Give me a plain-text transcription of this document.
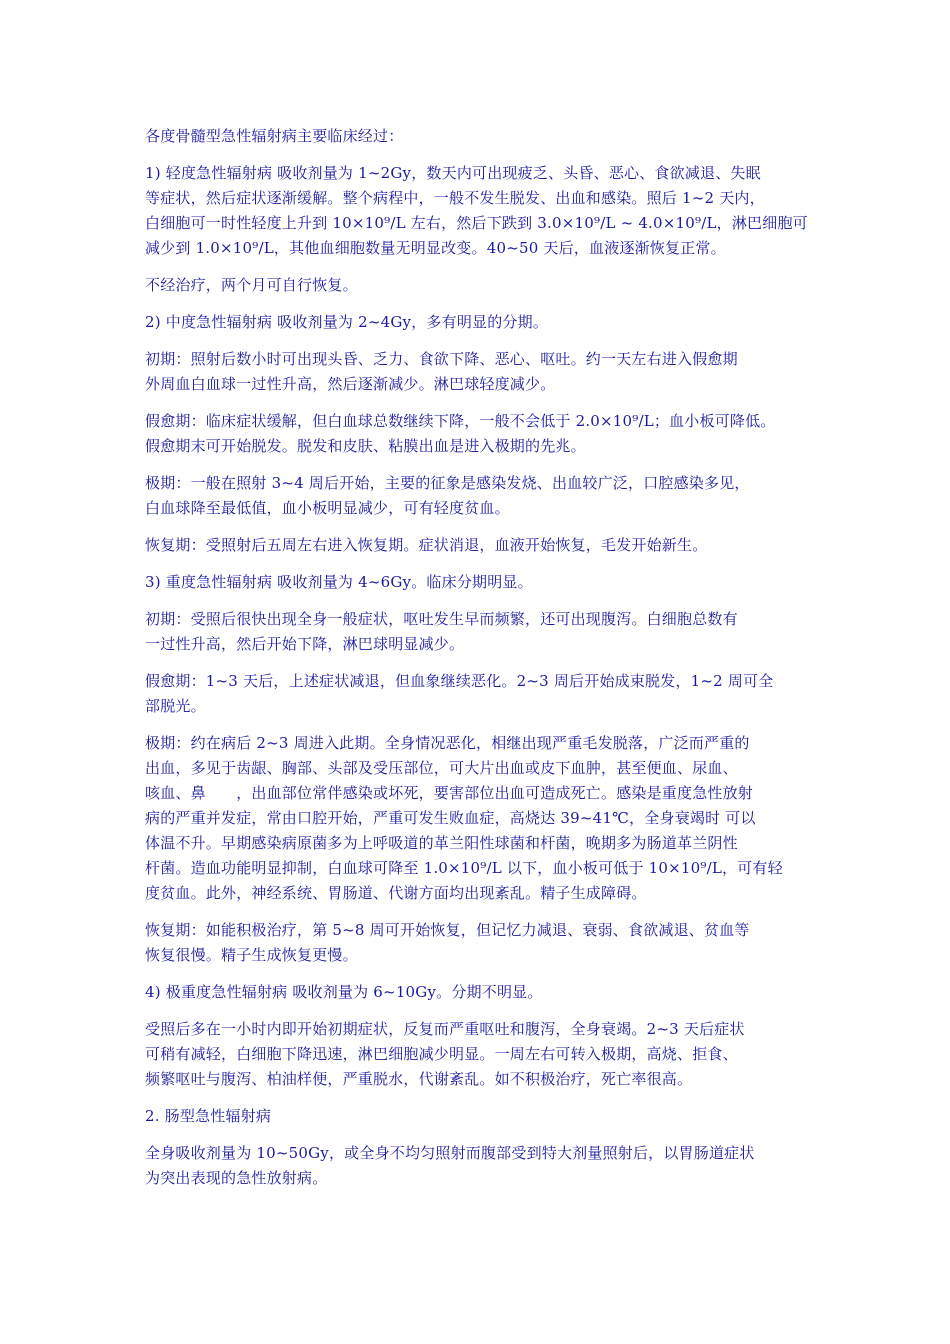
各度骨髓型急性辐射病主要临床经过：
1) 轻度急性辐射病 吸收剂量为 1~2Gy，数天内可出现疲乏、头昏、恶心、食欲减退、失眠
等症状，然后症状逐渐缓解。整个病程中，一般不发生脱发、出血和感染。照后 1~2 天内，
白细胞可一时性轻度上升到 10×10⁹/L 左右，然后下跌到 3.0×10⁹/L ~ 4.0×10⁹/L，淋巴细胞可
减少到 1.0×10⁹/L，其他血细胞数量无明显改变。40~50 天后，血液逐渐恢复正常。
不经治疗，两个月可自行恢复。
2) 中度急性辐射病 吸收剂量为 2~4Gy，多有明显的分期。
初期：照射后数小时可出现头昏、乏力、食欲下降、恶心、呕吐。约一天左右进入假愈期
外周血白血球一过性升高，然后逐渐减少。淋巴球轻度减少。
假愈期：临床症状缓解，但白血球总数继续下降，一般不会低于 2.0×10⁹/L；血小板可降低。
假愈期末可开始脱发。脱发和皮肤、粘膜出血是进入极期的先兆。
极期：一般在照射 3~4 周后开始，主要的征象是感染发烧、出血较广泛，口腔感染多见，
白血球降至最低值，血小板明显减少，可有轻度贫血。
恢复期：受照射后五周左右进入恢复期。症状消退，血液开始恢复，毛发开始新生。
3) 重度急性辐射病 吸收剂量为 4~6Gy。临床分期明显。
初期：受照后很快出现全身一般症状，呕吐发生早而频繁，还可出现腹泻。白细胞总数有
一过性升高，然后开始下降，淋巴球明显减少。
假愈期：1~3 天后，上述症状减退，但血象继续恶化。2~3 周后开始成束脱发，1~2 周可全
部脱光。
极期：约在病后 2~3 周进入此期。全身情况恶化，相继出现严重毛发脱落，广泛而严重的
出血，多见于齿龈、胸部、头部及受压部位，可大片出血或皮下血肿，甚至便血、尿血、
咳血、鼻　　，出血部位常伴感染或坏死，要害部位出血可造成死亡。感染是重度急性放射
病的严重并发症，常由口腔开始，严重可发生败血症，高烧达 39~41℃，全身衰竭时 可以
体温不升。早期感染病原菌多为上呼吸道的革兰阳性球菌和杆菌，晚期多为肠道革兰阴性
杆菌。造血功能明显抑制，白血球可降至 1.0×10⁹/L 以下，血小板可低于 10×10⁹/L，可有轻
度贫血。此外，神经系统、胃肠道、代谢方面均出现紊乱。精子生成障碍。
恢复期：如能积极治疗，第 5~8 周可开始恢复，但记忆力减退、衰弱、食欲减退、贫血等
恢复很慢。精子生成恢复更慢。
4) 极重度急性辐射病 吸收剂量为 6~10Gy。分期不明显。
受照后多在一小时内即开始初期症状，反复而严重呕吐和腹泻，全身衰竭。2~3 天后症状
可稍有减轻，白细胞下降迅速，淋巴细胞减少明显。一周左右可转入极期，高烧、拒食、
频繁呕吐与腹泻、柏油样便，严重脱水，代谢紊乱。如不积极治疗，死亡率很高。
2. 肠型急性辐射病
全身吸收剂量为 10~50Gy，或全身不均匀照射而腹部受到特大剂量照射后，以胃肠道症状
为突出表现的急性放射病。
